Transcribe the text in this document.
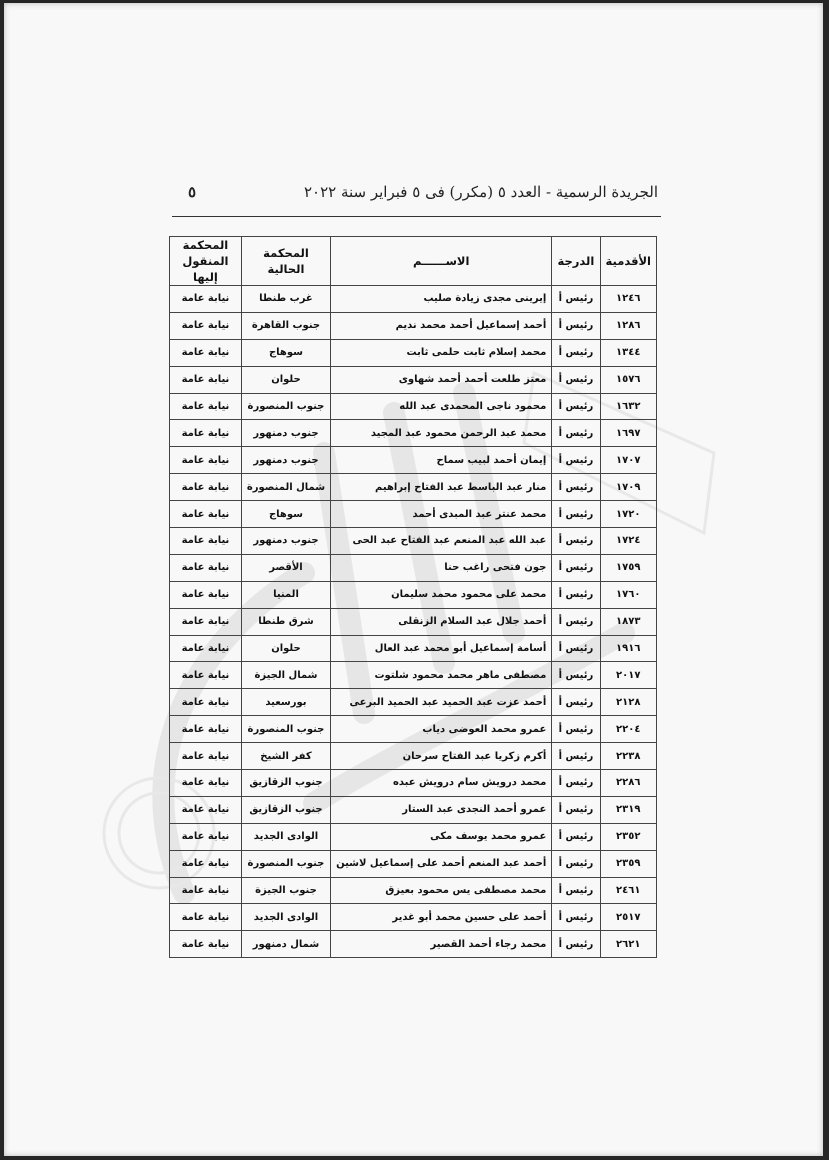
الجريدة الرسمية - العدد ٥ (مكرر) فى ٥ فبراير سنة ٢٠٢٢
٥
الأقدمية	الدرجة	الاســــــم	المحكمة الحالية	المحكمة المنقول إليها
١٢٤٦	رئيس أ	إيرينى مجدى زيادة صليب	غرب طنطا	نيابة عامة
١٢٨٦	رئيس أ	أحمد إسماعيل أحمد محمد نديم	جنوب القاهرة	نيابة عامة
١٣٤٤	رئيس أ	محمد إسلام ثابت حلمى ثابت	سوهاج	نيابة عامة
١٥٧٦	رئيس أ	معتز طلعت أحمد أحمد شهاوى	حلوان	نيابة عامة
١٦٣٢	رئيس أ	محمود ناجى المحمدى عبد الله	جنوب المنصورة	نيابة عامة
١٦٩٧	رئيس أ	محمد عبد الرحمن محمود عبد المجيد	جنوب دمنهور	نيابة عامة
١٧٠٧	رئيس أ	إيمان أحمد لبيب سماح	جنوب دمنهور	نيابة عامة
١٧٠٩	رئيس أ	منار عبد الباسط عبد الفتاح إبراهيم	شمال المنصورة	نيابة عامة
١٧٢٠	رئيس أ	محمد عنتر عبد المبدى أحمد	سوهاج	نيابة عامة
١٧٢٤	رئيس أ	عبد الله عبد المنعم عبد الفتاح عبد الحى	جنوب دمنهور	نيابة عامة
١٧٥٩	رئيس أ	جون فتحى راغب حنا	الأقصر	نيابة عامة
١٧٦٠	رئيس أ	محمد على محمود محمد سليمان	المنيا	نيابة عامة
١٨٧٣	رئيس أ	أحمد جلال عبد السلام الزنقلى	شرق طنطا	نيابة عامة
١٩١٦	رئيس أ	أسامة إسماعيل أبو محمد عبد العال	حلوان	نيابة عامة
٢٠١٧	رئيس أ	مصطفى ماهر محمد محمود شلتوت	شمال الجيزة	نيابة عامة
٢١٢٨	رئيس أ	أحمد عزت عبد الحميد عبد الحميد البرعى	بورسعيد	نيابة عامة
٢٢٠٤	رئيس أ	عمرو محمد العوضى دياب	جنوب المنصورة	نيابة عامة
٢٢٣٨	رئيس أ	أكرم زكريا عبد الفتاح سرحان	كفر الشيخ	نيابة عامة
٢٢٨٦	رئيس أ	محمد درويش سام درويش عبده	جنوب الزقازيق	نيابة عامة
٢٣١٩	رئيس أ	عمرو أحمد النجدى عبد الستار	جنوب الزقازيق	نيابة عامة
٢٣٥٢	رئيس أ	عمرو محمد يوسف مكى	الوادى الجديد	نيابة عامة
٢٣٥٩	رئيس أ	أحمد عبد المنعم أحمد على إسماعيل لاشين	جنوب المنصورة	نيابة عامة
٢٤٦١	رئيس أ	محمد مصطفى يس محمود بعيزق	جنوب الجيزة	نيابة عامة
٢٥١٧	رئيس أ	أحمد على حسين محمد أبو غدير	الوادى الجديد	نيابة عامة
٢٦٢١	رئيس أ	محمد رجاء أحمد القصير	شمال دمنهور	نيابة عامة
